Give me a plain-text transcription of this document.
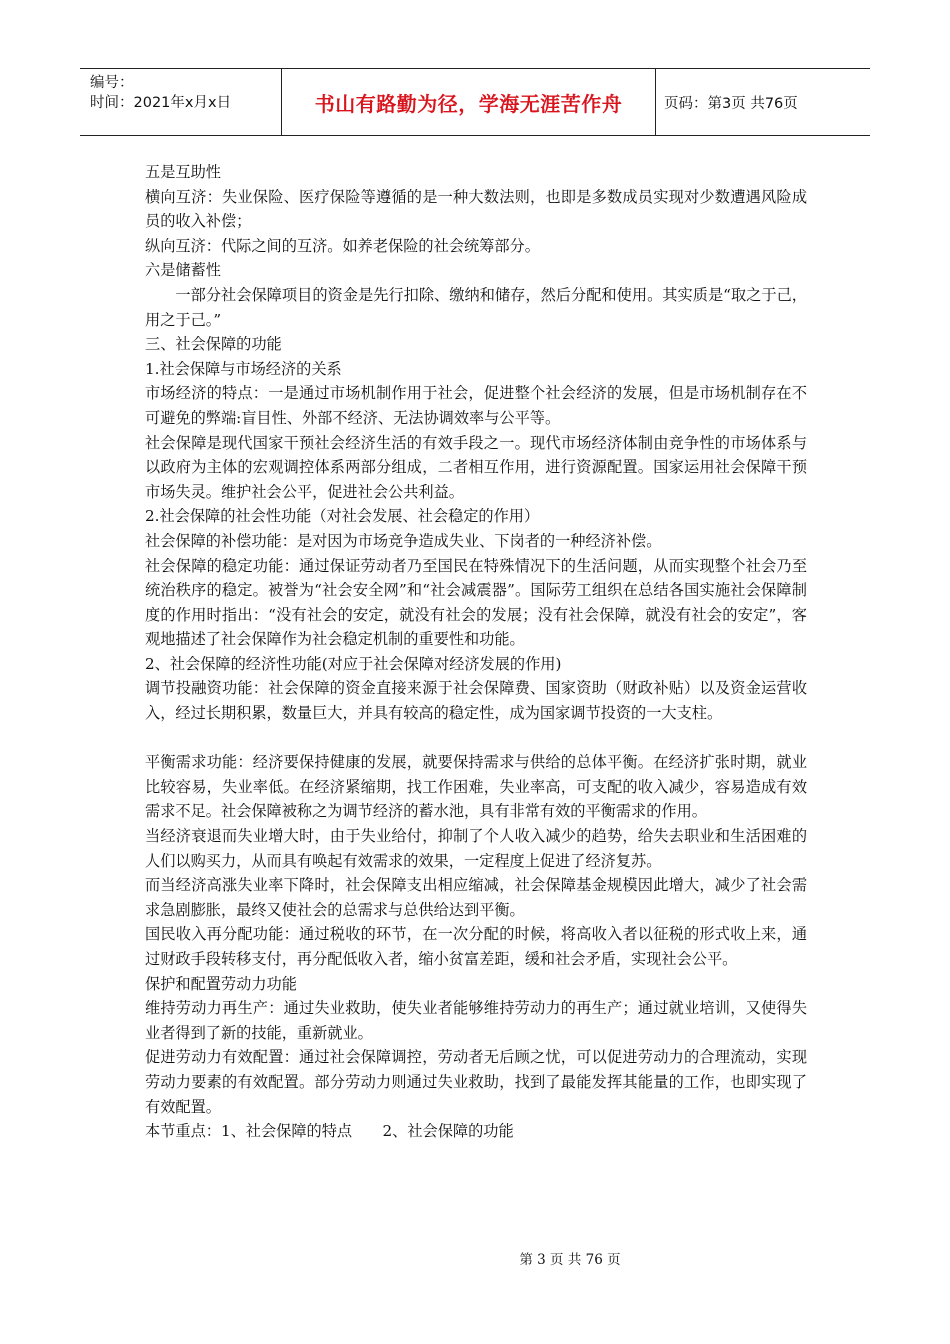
编号：
时间：2021年x月x日	书山有路勤为径，学海无涯苦作舟	页码：第3页 共76页

五是互助性

横向互济：失业保险、医疗保险等遵循的是一种大数法则，也即是多数成员实现对少数遭遇风险成员的收入补偿；

纵向互济：代际之间的互济。如养老保险的社会统筹部分。

六是储蓄性

一部分社会保障项目的资金是先行扣除、缴纳和储存，然后分配和使用。其实质是“取之于己，用之于己。”

三、社会保障的功能

1.社会保障与市场经济的关系

市场经济的特点：一是通过市场机制作用于社会，促进整个社会经济的发展，但是市场机制存在不可避免的弊端:盲目性、外部不经济、无法协调效率与公平等。

社会保障是现代国家干预社会经济生活的有效手段之一。现代市场经济体制由竞争性的市场体系与以政府为主体的宏观调控体系两部分组成，二者相互作用，进行资源配置。国家运用社会保障干预市场失灵。维护社会公平，促进社会公共利益。

2.社会保障的社会性功能（对社会发展、社会稳定的作用）

社会保障的补偿功能：是对因为市场竞争造成失业、下岗者的一种经济补偿。

社会保障的稳定功能：通过保证劳动者乃至国民在特殊情况下的生活问题，从而实现整个社会乃至统治秩序的稳定。被誉为“社会安全网”和“社会减震器”。国际劳工组织在总结各国实施社会保障制度的作用时指出：“没有社会的安定，就没有社会的发展；没有社会保障，就没有社会的安定”，客观地描述了社会保障作为社会稳定机制的重要性和功能。

2、社会保障的经济性功能(对应于社会保障对经济发展的作用)

调节投融资功能：社会保障的资金直接来源于社会保障费、国家资助（财政补贴）以及资金运营收入，经过长期积累，数量巨大，并具有较高的稳定性，成为国家调节投资的一大支柱。

平衡需求功能：经济要保持健康的发展，就要保持需求与供给的总体平衡。在经济扩张时期，就业比较容易，失业率低。在经济紧缩期，找工作困难，失业率高，可支配的收入减少，容易造成有效需求不足。社会保障被称之为调节经济的蓄水池，具有非常有效的平衡需求的作用。

当经济衰退而失业增大时，由于失业给付，抑制了个人收入减少的趋势，给失去职业和生活困难的人们以购买力，从而具有唤起有效需求的效果，一定程度上促进了经济复苏。

而当经济高涨失业率下降时，社会保障支出相应缩减，社会保障基金规模因此增大，减少了社会需求急剧膨胀，最终又使社会的总需求与总供给达到平衡。

国民收入再分配功能：通过税收的环节，在一次分配的时候，将高收入者以征税的形式收上来，通过财政手段转移支付，再分配低收入者，缩小贫富差距，缓和社会矛盾，实现社会公平。

保护和配置劳动力功能

维持劳动力再生产：通过失业救助，使失业者能够维持劳动力的再生产；通过就业培训，又使得失业者得到了新的技能，重新就业。

促进劳动力有效配置：通过社会保障调控，劳动者无后顾之忧，可以促进劳动力的合理流动，实现劳动力要素的有效配置。部分劳动力则通过失业救助，找到了最能发挥其能量的工作，也即实现了有效配置。

本节重点：1、社会保障的特点　　2、社会保障的功能

第 3 页 共 76 页
